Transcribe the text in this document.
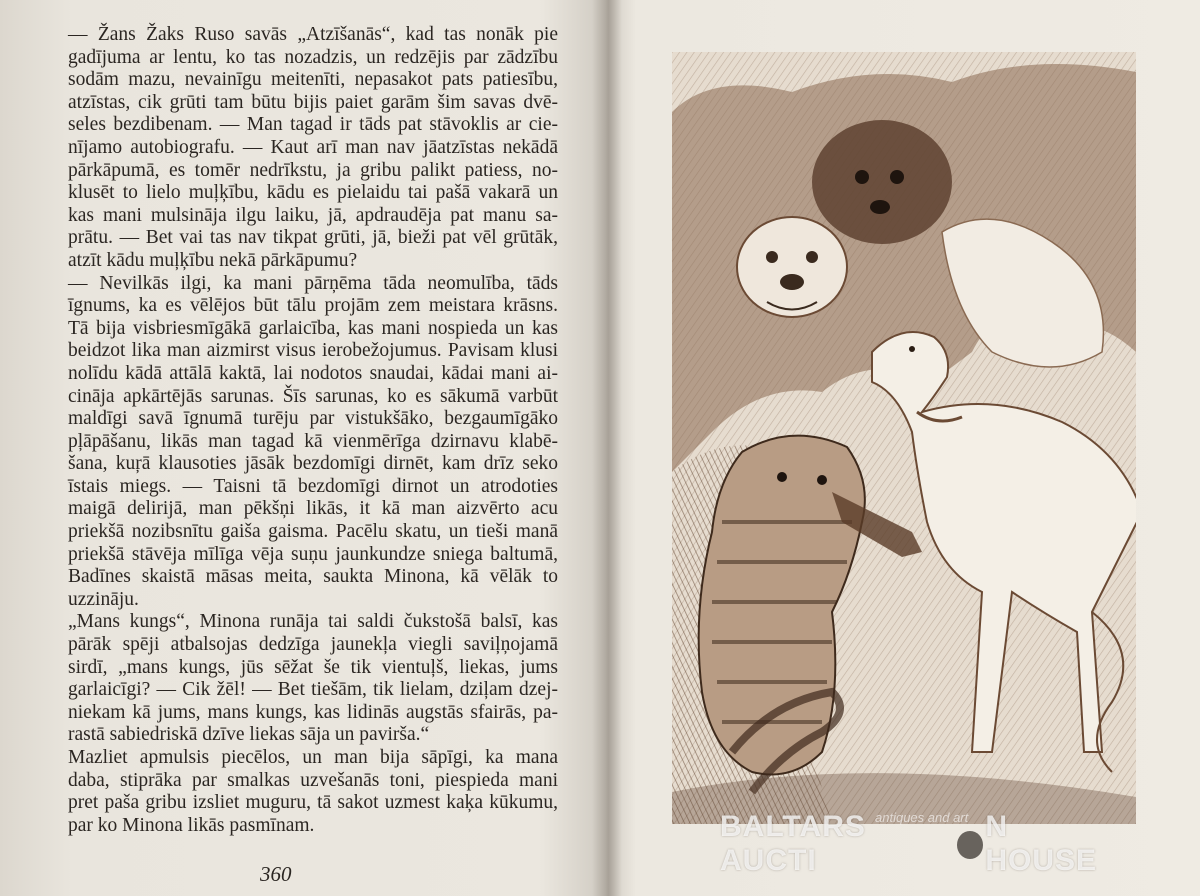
— Žans Žaks Ruso savās „Atzīšanās“, kad tas nonāk pie
gadījuma ar lentu, ko tas nozadzis, un redzējis par zādzību
sodām mazu, nevainīgu meitenīti, nepasakot pats patiesību,
atzīstas, cik grūti tam būtu bijis paiet garām šim savas dvē-
seles bezdibenam. — Man tagad ir tāds pat stāvoklis ar cie-
nījamo autobiografu. — Kaut arī man nav jāatzīstas nekādā
pārkāpumā, es tomēr nedrīkstu, ja gribu palikt patiess, no-
klusēt to lielo muļķību, kādu es pielaidu tai pašā vakarā un
kas mani mulsināja ilgu laiku, jā, apdraudēja pat manu sa-
prātu. — Bet vai tas nav tikpat grūti, jā, bieži pat vēl grūtāk,
atzīt kādu muļķību nekā pārkāpumu?
— Nevilkās ilgi, ka mani pārņēma tāda neomulība, tāds
īgnums, ka es vēlējos būt tālu projām zem meistara krāsns.
Tā bija visbriesmīgākā garlaicība, kas mani nospieda un kas
beidzot lika man aizmirst visus ierobežojumus. Pavisam klusi
nolīdu kādā attālā kaktā, lai nodotos snaudai, kādai mani ai-
cināja apkārtējās sarunas. Šīs sarunas, ko es sākumā varbūt
maldīgi savā īgnumā turēju par vistukšāko, bezgaumīgāko
pļāpāšanu, likās man tagad kā vienmērīga dzirnavu klabē-
šana, kuŗā klausoties jāsāk bezdomīgi dirnēt, kam drīz seko
īstais miegs. — Taisni tā bezdomīgi dirnot un atrodoties
maigā delirijā, man pēkšņi likās, it kā man aizvērto acu
priekšā nozibsnītu gaiša gaisma. Pacēlu skatu, un tieši manā
priekšā stāvēja mīlīga vēja suņu jaunkundze sniega baltumā,
Badīnes skaistā māsas meita, saukta Minona, kā vēlāk to
uzzināju.
„Mans kungs“, Minona runāja tai saldi čukstošā balsī, kas
pārāk spēji atbalsojas dedzīga jaunekļa viegli saviļņojamā
sirdī, „mans kungs, jūs sēžat še tik vientuļš, liekas, jums
garlaicīgi? — Cik žēl! — Bet tiešām, tik lielam, dziļam dzej-
niekam kā jums, mans kungs, kas lidinās augstās sfairās, pa-
rastā sabiedriskā dzīve liekas sāja un pavirša.“
Mazliet apmulsis piecēlos, un man bija sāpīgi, ka mana
daba, stiprāka par smalkas uzvešanās toni, piespieda mani
pret paša gribu izsliet muguru, tā sakot uzmest kaķa kūkumu,
par ko Minona likās pasmīnam.
360
antiques and art
BALTARS AUCTI
N HOUSE
